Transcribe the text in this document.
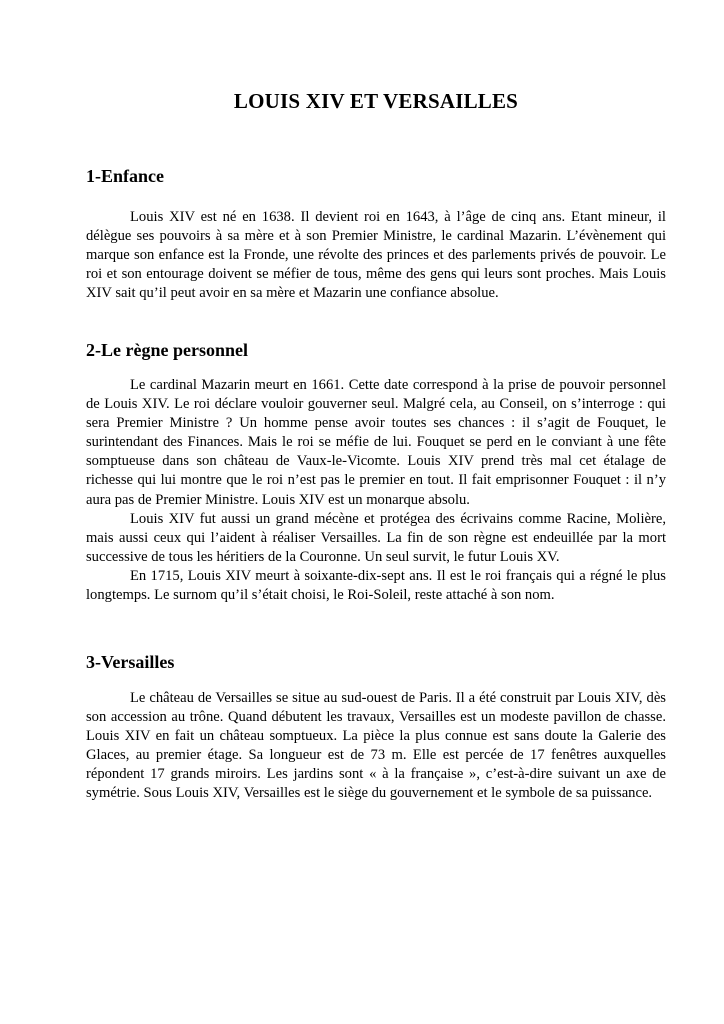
LOUIS XIV ET VERSAILLES
1-Enfance

Louis XIV est né en 1638. Il devient roi en 1643, à l’âge de cinq ans. Etant mineur, il délègue ses pouvoirs à sa mère et à son Premier Ministre, le cardinal Mazarin. L’évènement qui marque son enfance est la Fronde, une révolte des princes et des parlements privés de pouvoir. Le roi et son entourage doivent se méfier de tous, même des gens qui leurs sont proches. Mais Louis XIV sait qu’il peut avoir en sa mère et Mazarin une confiance absolue.

2-Le règne personnel

Le cardinal Mazarin meurt en 1661. Cette date correspond à la prise de pouvoir personnel de Louis XIV. Le roi déclare vouloir gouverner seul. Malgré cela, au Conseil, on s’interroge : qui sera Premier Ministre ? Un homme pense avoir toutes ses chances : il s’agit de Fouquet, le surintendant des Finances. Mais le roi se méfie de lui. Fouquet se perd en le conviant à une fête somptueuse dans son château de Vaux-le-Vicomte. Louis XIV prend très mal cet étalage de richesse qui lui montre que le roi n’est pas le premier en tout. Il fait emprisonner Fouquet : il n’y aura pas de Premier Ministre. Louis XIV est un monarque absolu.

Louis XIV fut aussi un grand mécène et protégea des écrivains comme Racine, Molière, mais aussi ceux qui l’aident à réaliser Versailles. La fin de son règne est endeuillée par la mort successive de tous les héritiers de la Couronne. Un seul survit, le futur Louis XV.

En 1715, Louis XIV meurt à soixante-dix-sept ans. Il est le roi français qui a régné le plus longtemps. Le surnom qu’il s’était choisi, le Roi-Soleil, reste attaché à son nom.

3-Versailles

Le château de Versailles se situe au sud-ouest de Paris. Il a été construit par Louis XIV, dès son accession au trône. Quand débutent les travaux, Versailles est un modeste pavillon de chasse. Louis XIV en fait un château somptueux. La pièce la plus connue est sans doute la Galerie des Glaces, au premier étage. Sa longueur est de 73 m. Elle est percée de 17 fenêtres auxquelles répondent 17 grands miroirs. Les jardins sont « à la française », c’est-à-dire suivant un axe de symétrie. Sous Louis XIV, Versailles est le siège du gouvernement et le symbole de sa puissance.
